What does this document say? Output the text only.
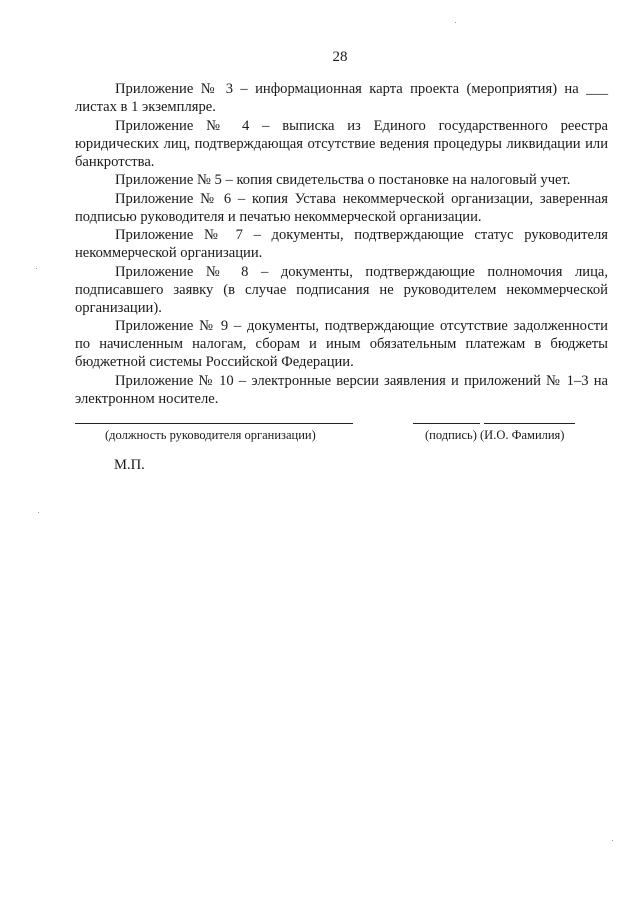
28

Приложение № 3 – информационная карта проекта (мероприятия) на ___ листах в 1 экземпляре.

Приложение № 4 – выписка из Единого государственного реестра юридических лиц, подтверждающая отсутствие ведения процедуры ликвидации или банкротства.

Приложение № 5 – копия свидетельства о постановке на налоговый учет.

Приложение № 6 – копия Устава некоммерческой организации, заверенная подписью руководителя и печатью некоммерческой организации.

Приложение № 7 – документы, подтверждающие статус руководителя некоммерческой организации.

Приложение № 8 – документы, подтверждающие полномочия лица, подписавшего заявку (в случае подписания не руководителем некоммерческой организации).

Приложение № 9 – документы, подтверждающие отсутствие задолженности по начисленным налогам, сборам и иным обязательным платежам в бюджеты бюджетной системы Российской Федерации.

Приложение № 10 – электронные версии заявления и приложений № 1–3 на электронном носителе.

(должность руководителя организации)	(подпись) (И.О. Фамилия)
М.П.
